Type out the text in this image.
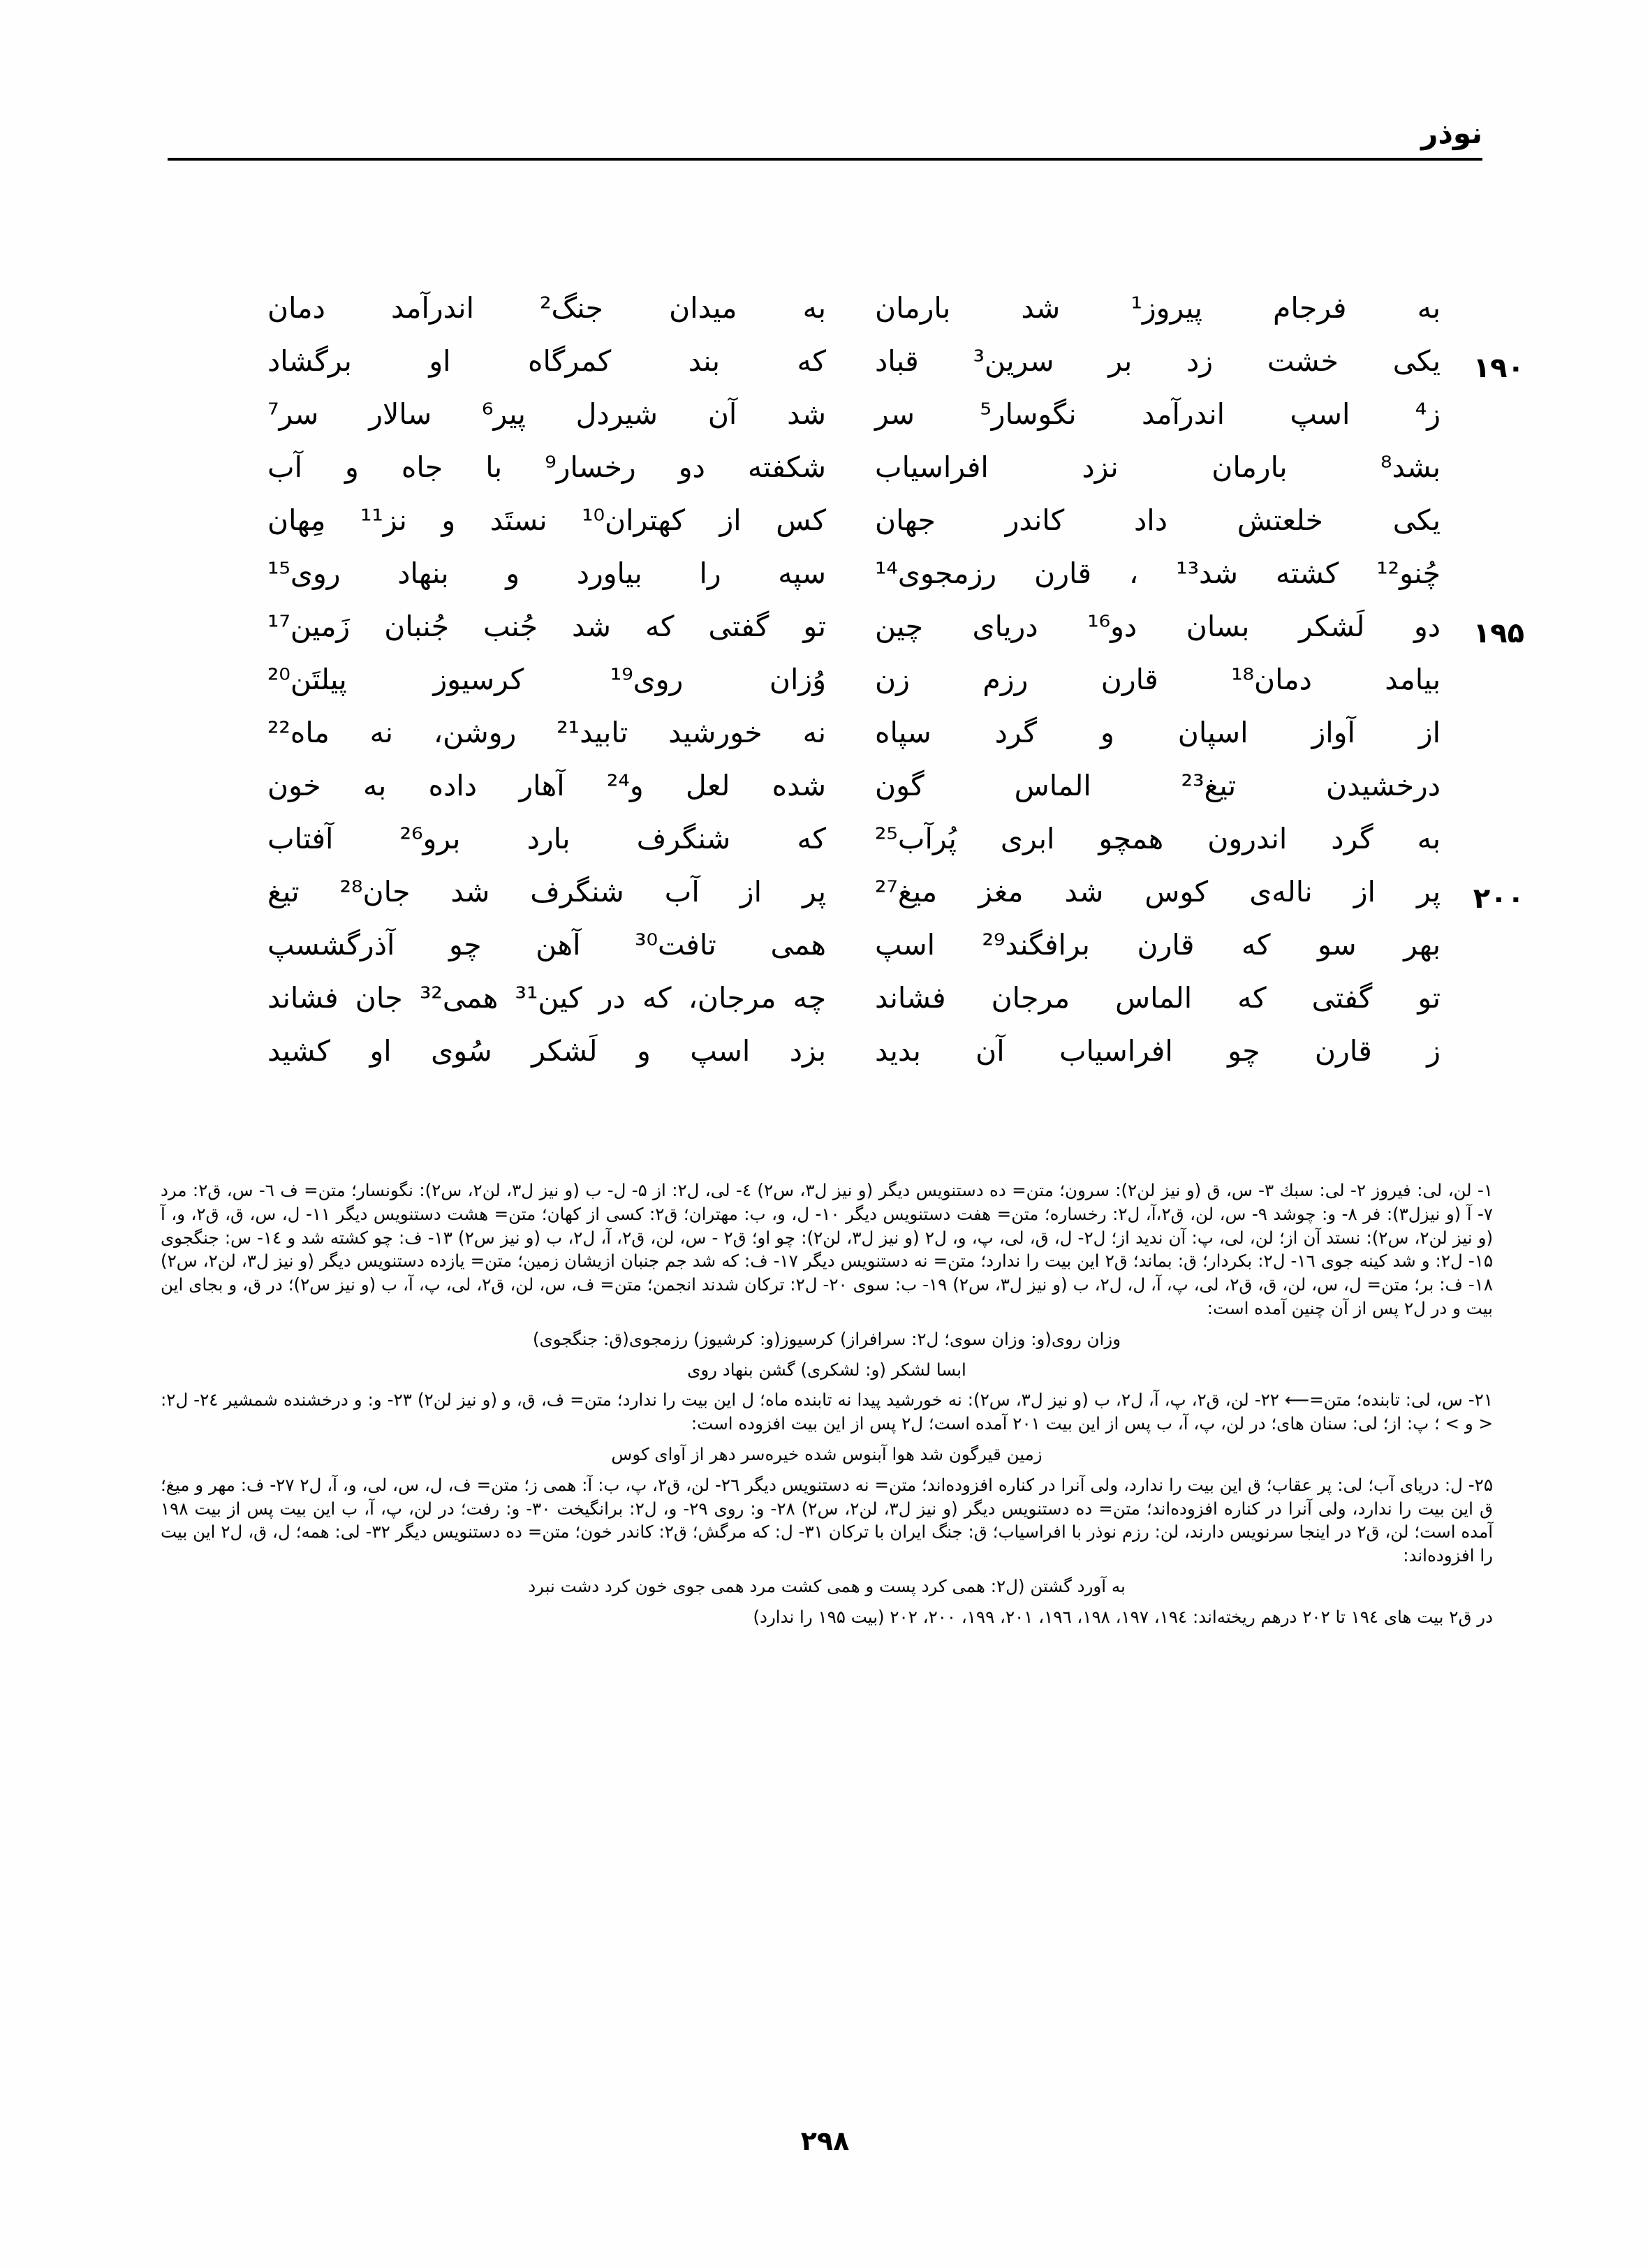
نوذر
به فرجام پیروز¹ شد بارمان
به ميدان جنگ² اندرآمد دمان
۱۹۰
یکی خشت زد بر سرین³ قباد
که بند کمرگاه او برگشاد
ز⁴ اسپ اندرآمد نگوسار⁵ سر
شد آن شیردل پیر⁶ سالار سر⁷
بشد⁸ بارمان نزد افراسیاب
شکفته دو رخسار⁹ با جاه و آب
یکی خلعتش داد کاندر جهان
کس از کهتران¹⁰ نستَد و نز¹¹ مِهان
چُنو¹² کشته شد¹³ ، قارن رزمجوی¹⁴
سپه را بیاورد و بنهاد روی¹⁵
۱۹۵
دو لَشکر بسان دو¹⁶ دریای چین
تو گفتی که شد جُنب جُنبان زَمین¹⁷
بیامد دمان¹⁸ قارن رزم زن
وُزان روی¹⁹ کرسیوز پیلتَن²⁰
از آواز اسپان و گرد سپاه
نه خورشید تابید²¹ روشن، نه ماه²²
درخشیدن تیغ²³ الماس گون
شده لعل و²⁴ آهار داده به خون
به گرد اندرون همچو ابری پُرآب²⁵
که شنگرف بارد برو²⁶ آفتاب
۲۰۰
پر از ناله‌ی کوس شد مغز میغ²⁷
پر از آب شنگرف شد جان²⁸ تیغ
بهر سو که قارن برافگند²⁹ اسپ
همی تافت³⁰ آهن چو آذرگشسپ
تو گفتی که الماس مرجان فشاند
چه مرجان، که در کین³¹ همی³² جان فشاند
ز قارن چو افراسیاب آن بدید
بزد اسپ و لَشکر سُوی او کشید

۱- لن، لی: فیروز ۲- لی: سبك ۳- س، ق (و نیز لن۲): سرون؛ متن= ده دستنویس دیگر (و نیز ل۳، س۲) ٤- لی، ل۲: از ۵- ل- ب (و نیز ل۳، لن۲، س۲): نگونسار؛ متن= ف ٦- س، ق۲: مرد ۷- آ (و نیزل۳): فر ۸- و: چوشد ۹- س، لن، ق۲،آ، ل۲: رخساره؛ متن= هفت دستنویس دیگر ۱۰- ل، و، ب: مهتران؛ ق۲: کسی از کهان؛ متن= هشت دستنویس دیگر ۱۱- ل، س، ق، ق۲، و، آ (و نیز لن۲، س۲): نستد آن از؛ لن، لی، پ: آن ندید از؛ ل۲- ل، ق، لی، پ، و، ل۲ (و نیز ل۳، لن۲): چو او؛ ق۲ - س، لن، ق۲، آ، ل۲، ب (و نیز س۲) ۱۳- ف: چو کشته شد و ۱٤- س: جنگجوی ۱۵- ل۲: و شد کینه جوی ۱٦- ل۲: بکردار؛ ق: بماند؛ ق۲ این بیت را ندارد؛ متن= نه دستنویس دیگر ۱۷- ف: که شد جم جنبان ازیشان زمین؛ متن= یازده دستنویس دیگر (و نیز ل۳، لن۲، س۲) ۱۸- ف: بر؛ متن= ل، س، لن، ق، ق۲، لی، پ، آ، ل، ل۲، ب (و نیز ل۳، س۲) ۱۹- ب: سوی ۲۰- ل۲: ترکان شدند انجمن؛ متن= ف، س، لن، ق۲، لی، پ، آ، ب (و نیز س۲)؛ در ق، و بجای این بیت و در ل۲ پس از آن چنین آمده است:

وزان روی(و: وزان سوی؛ ل۲: سرافراز) کرسیوز(و: کرشیوز) رزمجوی(ق: جنگجوی)

ابسا لشکر (و: لشکری) گشن بنهاد روی

۲۱- س، لی: تابنده؛ متن=⟵ ۲۲- لن، ق۲، پ، آ، ل۲، ب (و نیز ل۳، س۲): نه خورشید پیدا نه تابنده ماه؛ ل این بیت را ندارد؛ متن= ف، ق، و (و نیز لن۲) ۲۳- و: و درخشنده شمشیر ۲٤- ل۲: < و > ؛ پ: از؛ لی: سنان های؛ در لن، پ، آ، ب پس از این بیت ۲۰۱ آمده است؛ ل۲ پس از این بیت افزوده است:

زمین قیرگون شد هوا آبنوس شده خیره‌سر دهر از آوای کوس

۲۵- ل: دریای آب؛ لی: پر عقاب؛ ق این بیت را ندارد، ولی آنرا در کناره افزوده‌اند؛ متن= نه دستنویس دیگر ۲٦- لن، ق۲، پ، ب: آ: همی ز؛ متن= ف، ل، س، لی، و، آ، ل۲ ۲۷- ف: مهر و میغ؛ ق این بیت را ندارد، ولی آنرا در کناره افزوده‌اند؛ متن= ده دستنویس دیگر (و نیز ل۳، لن۲، س۲) ۲۸- و: روی ۲۹- و، ل۲: برانگیخت ۳۰- و: رفت؛ در لن، پ، آ، ب این بیت پس از بیت ۱۹۸ آمده است؛ لن، ق۲ در اینجا سرنویس دارند، لن: رزم نوذر با افراسیاب؛ ق: جنگ ایران با ترکان ۳۱- ل: که مرگش؛ ق۲: کاندر خون؛ متن= ده دستنویس دیگر ۳۲- لی: همه؛ ل، ق، ل۲ این بیت را افزوده‌اند:

به آورد گشتن (ل۲: همی کرد پست و همی کشت مرد همی جوی خون کرد دشت نبرد

در ق۲ بیت های ۱۹٤ تا ۲۰۲ درهم ریخته‌اند: ۱۹٤، ۱۹۷، ۱۹۸، ۱۹٦، ۲۰۱، ۱۹۹، ۲۰۰، ۲۰۲ (بیت ۱۹۵ را ندارد)

۲۹۸
